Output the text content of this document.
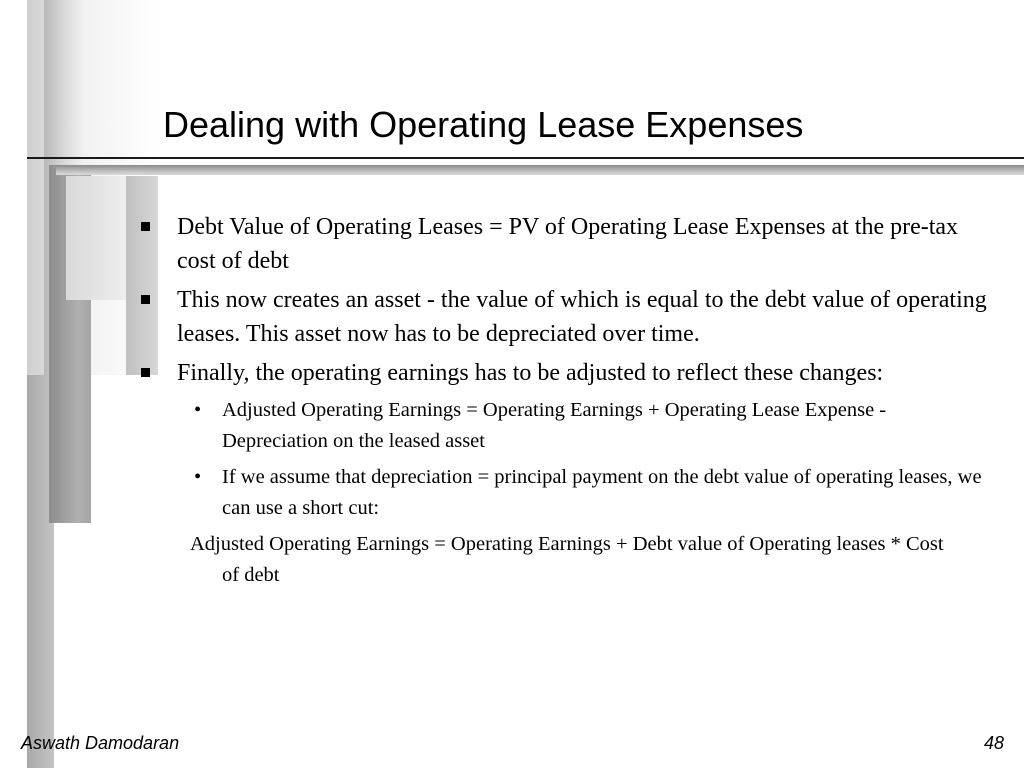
Dealing with Operating Lease Expenses
Debt Value of Operating Leases = PV of Operating Lease Expenses at the pre-tax cost of debt
This now creates an asset - the value of which is equal to the debt value of operating leases. This asset now has to be depreciated over time.
Finally, the operating earnings has to be adjusted to reflect these changes:
• Adjusted Operating Earnings = Operating Earnings + Operating Lease Expense - Depreciation on the leased asset
• If we assume that depreciation = principal payment on the debt value of operating leases, we can use a short cut:
Adjusted Operating Earnings = Operating Earnings + Debt value of Operating leases * Cost of debt
Aswath Damodaran	48
